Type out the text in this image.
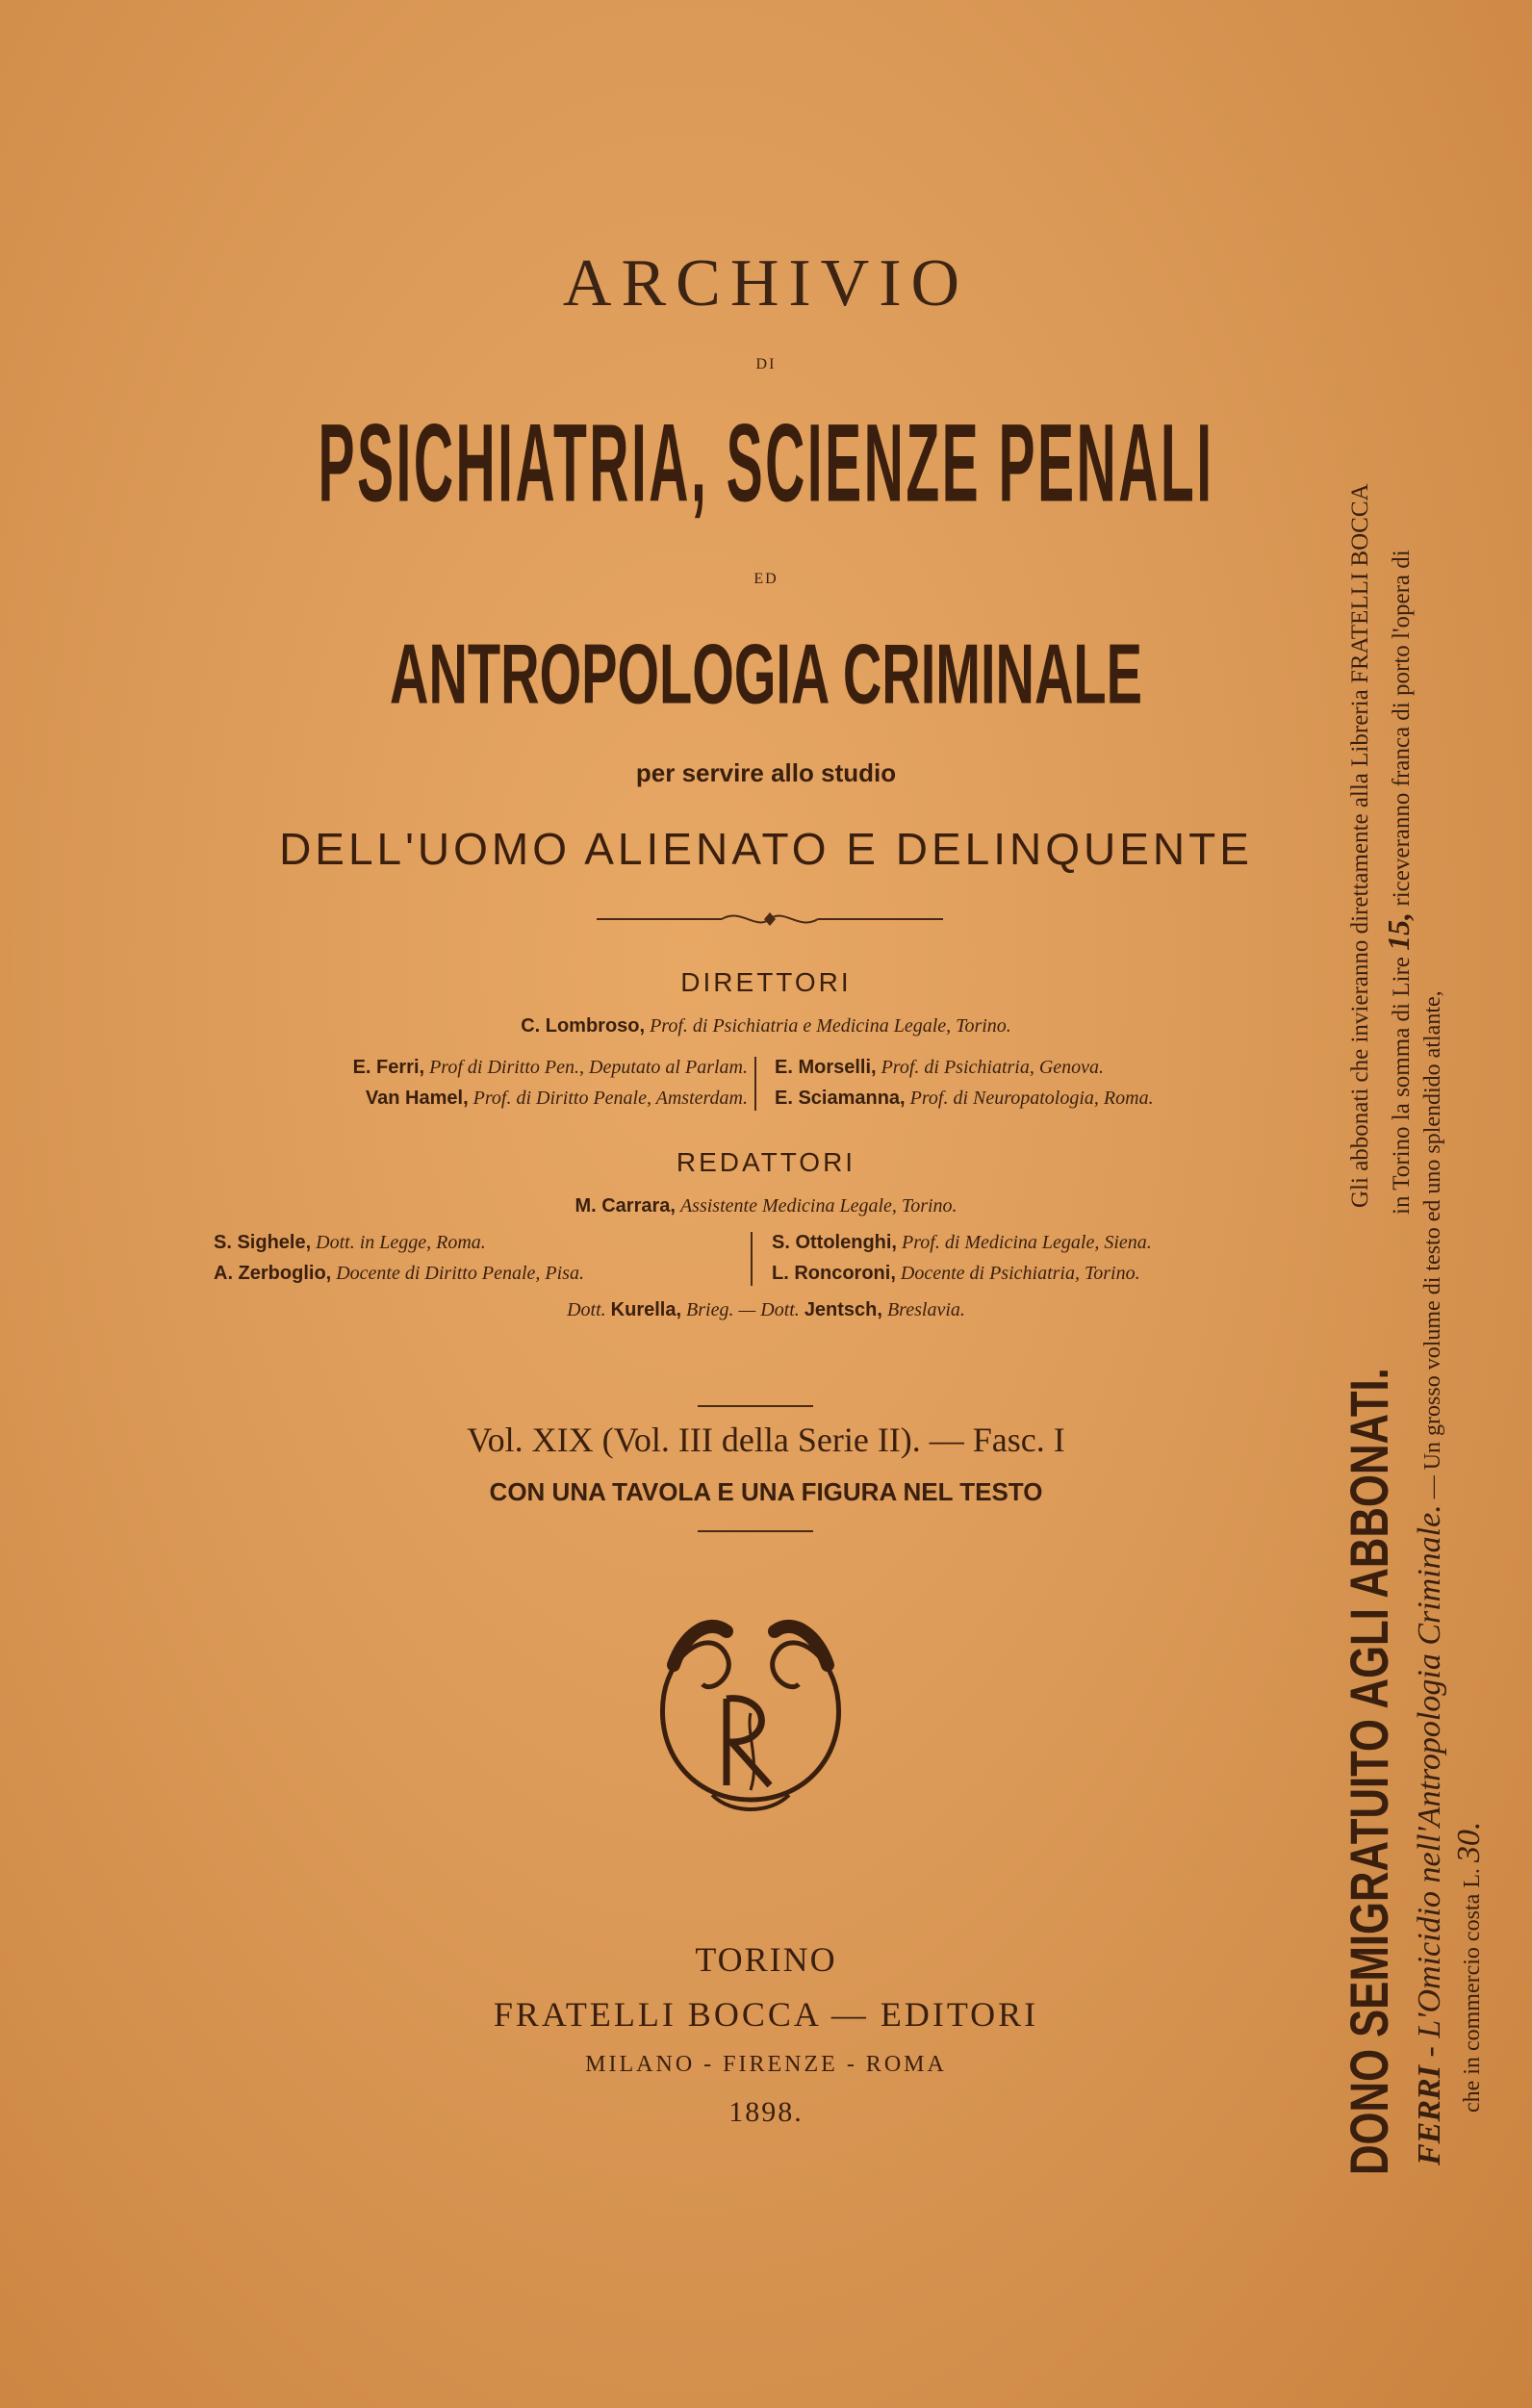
ARCHIVIO
DI
PSICHIATRIA, SCIENZE PENALI
ED
ANTROPOLOGIA CRIMINALE
per servire allo studio
DELL'UOMO ALIENATO E DELINQUENTE
DIRETTORI
C. Lombroso, Prof. di Psichiatria e Medicina Legale, Torino.
E. Ferri, Prof di Diritto Pen., Deputato al Parlam.
Van Hamel, Prof. di Diritto Penale, Amsterdam.
E. Morselli, Prof. di Psichiatria, Genova.
E. Sciamanna, Prof. di Neuropatologia, Roma.
REDATTORI
M. Carrara, Assistente Medicina Legale, Torino.
S. Sighele, Dott. in Legge, Roma.
A. Zerboglio, Docente di Diritto Penale, Pisa.
S. Ottolenghi, Prof. di Medicina Legale, Siena.
L. Roncoroni, Docente di Psichiatria, Torino.
Dott. Kurella, Brieg. — Dott. Jentsch, Breslavia.
Vol. XIX (Vol. III della Serie II). — Fasc. I
CON UNA TAVOLA E UNA FIGURA NEL TESTO
TORINO
FRATELLI BOCCA — EDITORI
MILANO - FIRENZE - ROMA
1898.	DONO SEMIGRATUITO AGLI ABBONATI.
Gli abbonati che invieranno direttamente alla Libreria FRATELLI BOCCA in Torino la somma di Lire 15, riceveranno franca di porto l'opera di
FERRI - L'Omicidio nell'Antropologia Criminale. — Un grosso volume di testo ed uno splendido atlante,
che in commercio costa L. 30.
